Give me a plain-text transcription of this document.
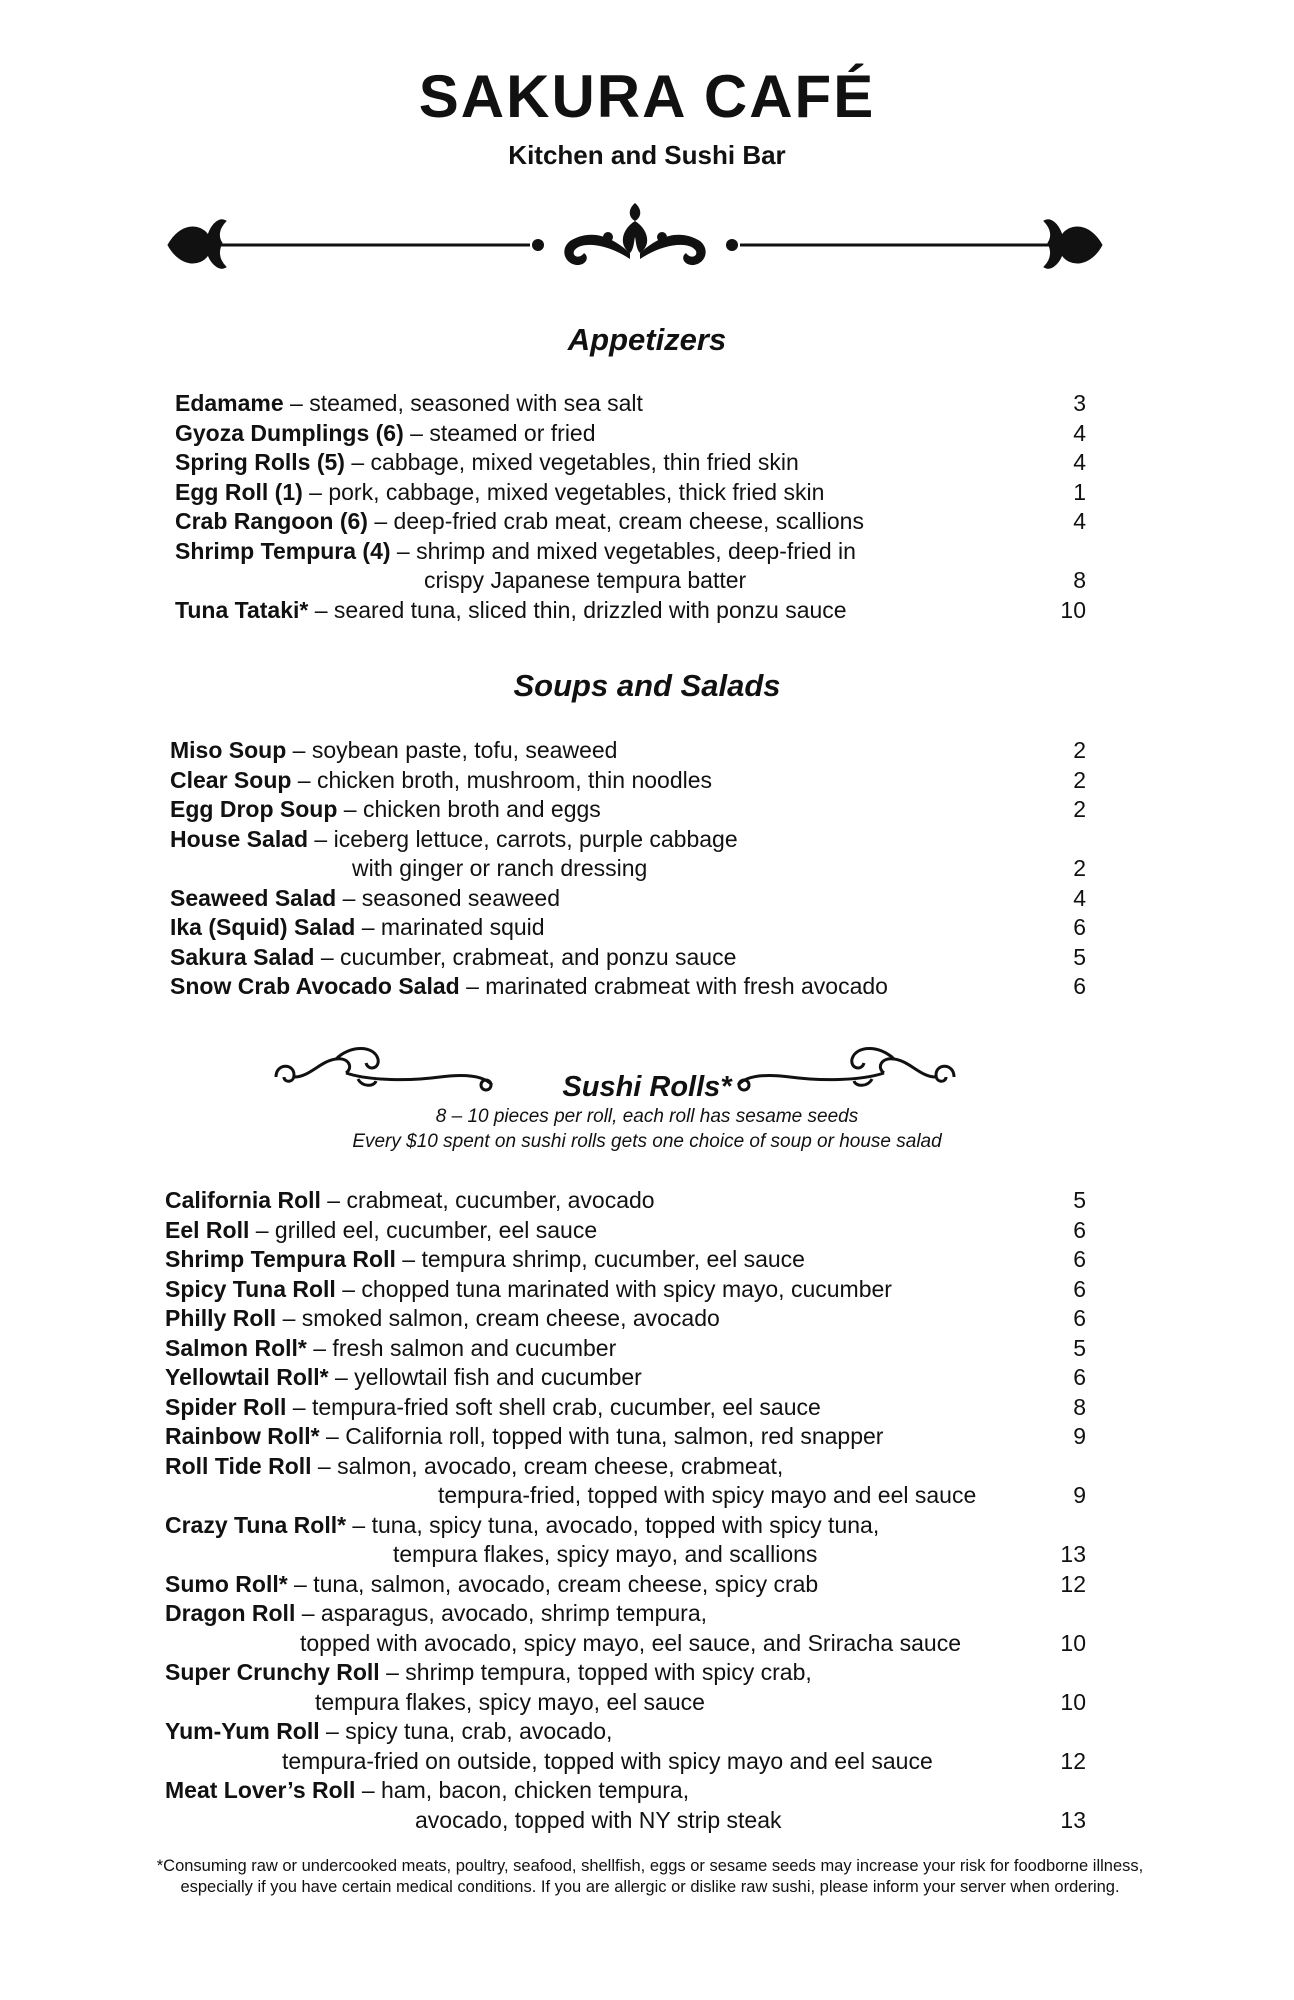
SAKURA CAFÉ
Kitchen and Sushi Bar
Appetizers
Edamame – steamed, seasoned with sea salt	3
Gyoza Dumplings (6) – steamed or fried	4
Spring Rolls (5) – cabbage, mixed vegetables, thin fried skin	4
Egg Roll (1) – pork, cabbage, mixed vegetables, thick fried skin	1
Crab Rangoon (6) – deep-fried crab meat, cream cheese, scallions	4
Shrimp Tempura (4) – shrimp and mixed vegetables, deep-fried in
crispy Japanese tempura batter	8
Tuna Tataki* – seared tuna, sliced thin, drizzled with ponzu sauce	10
Soups and Salads
Miso Soup – soybean paste, tofu, seaweed	2
Clear Soup – chicken broth, mushroom, thin noodles	2
Egg Drop Soup – chicken broth and eggs	2
House Salad – iceberg lettuce, carrots, purple cabbage
with ginger or ranch dressing	2
Seaweed Salad – seasoned seaweed	4
Ika (Squid) Salad – marinated squid	6
Sakura Salad – cucumber, crabmeat, and ponzu sauce	5
Snow Crab Avocado Salad – marinated crabmeat with fresh avocado	6
Sushi Rolls*
8 – 10 pieces per roll, each roll has sesame seeds
Every $10 spent on sushi rolls gets one choice of soup or house salad
California Roll – crabmeat, cucumber, avocado	5
Eel Roll – grilled eel, cucumber, eel sauce	6
Shrimp Tempura Roll – tempura shrimp, cucumber, eel sauce	6
Spicy Tuna Roll – chopped tuna marinated with spicy mayo, cucumber	6
Philly Roll – smoked salmon, cream cheese, avocado	6
Salmon Roll* – fresh salmon and cucumber	5
Yellowtail Roll* – yellowtail fish and cucumber	6
Spider Roll – tempura-fried soft shell crab, cucumber, eel sauce	8
Rainbow Roll* – California roll, topped with tuna, salmon, red snapper	9
Roll Tide Roll – salmon, avocado, cream cheese, crabmeat,
tempura-fried, topped with spicy mayo and eel sauce	9
Crazy Tuna Roll* – tuna, spicy tuna, avocado, topped with spicy tuna,
tempura flakes, spicy mayo, and scallions	13
Sumo Roll* – tuna, salmon, avocado, cream cheese, spicy crab	12
Dragon Roll – asparagus, avocado, shrimp tempura,
topped with avocado, spicy mayo, eel sauce, and Sriracha sauce	10
Super Crunchy Roll – shrimp tempura, topped with spicy crab,
tempura flakes, spicy mayo, eel sauce	10
Yum-Yum Roll – spicy tuna, crab, avocado,
tempura-fried on outside, topped with spicy mayo and eel sauce	12
Meat Lover’s Roll – ham, bacon, chicken tempura,
avocado, topped with NY strip steak	13
*Consuming raw or undercooked meats, poultry, seafood, shellfish, eggs or sesame seeds may increase your risk for foodborne illness, especially if you have certain medical conditions. If you are allergic or dislike raw sushi, please inform your server when ordering.
